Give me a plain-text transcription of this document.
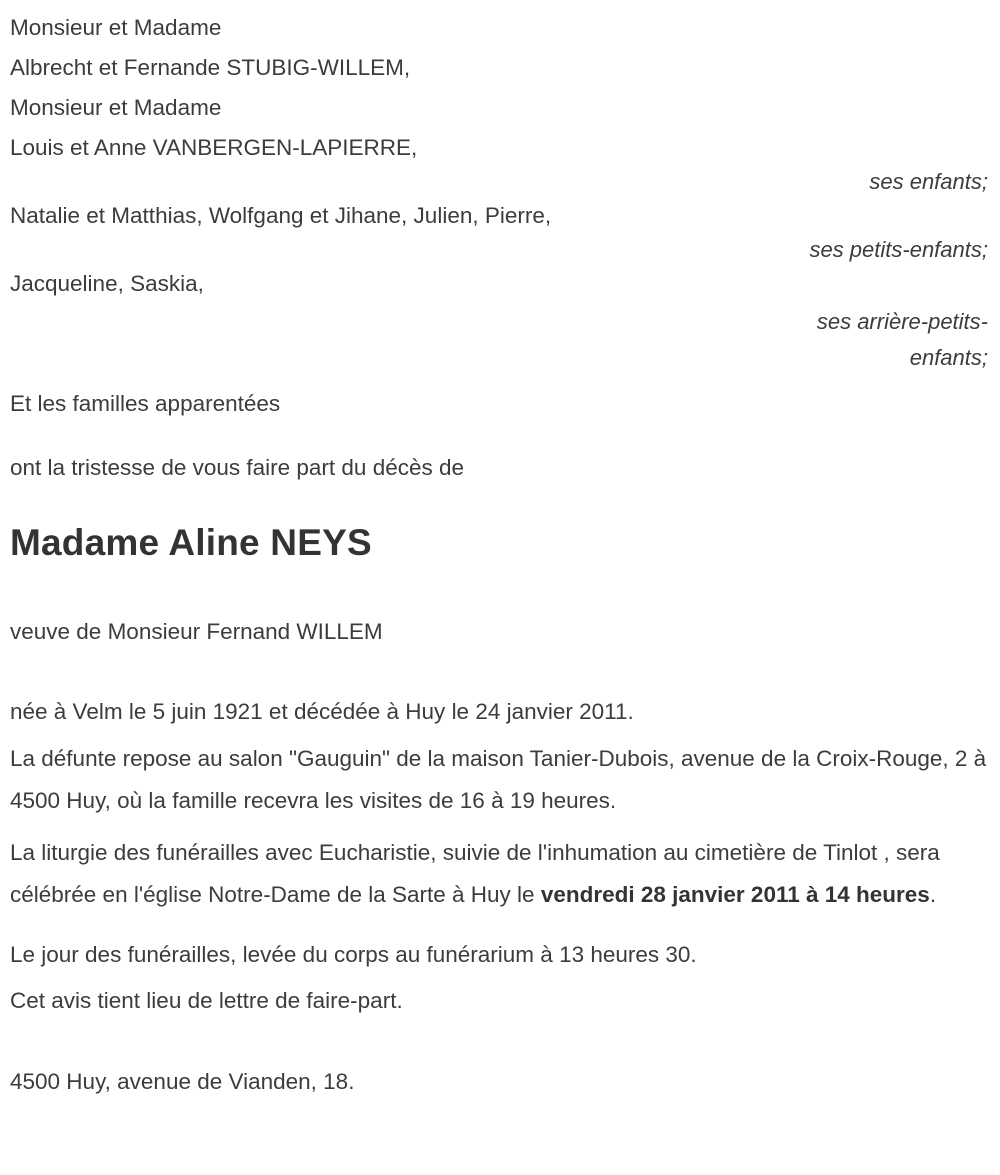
Monsieur et Madame
Albrecht et Fernande STUBIG-WILLEM,
Monsieur et Madame
Louis et Anne VANBERGEN-LAPIERRE,
ses enfants;
Natalie et Matthias, Wolfgang et Jihane, Julien, Pierre,
ses petits-enfants;
Jacqueline, Saskia,
ses arrière-petits-enfants;
Et les familles apparentées
ont la tristesse de vous faire part du décès de
Madame Aline NEYS
veuve de Monsieur Fernand WILLEM
née à Velm le 5 juin 1921 et décédée à Huy le 24 janvier 2011.

La défunte repose au salon "Gauguin" de la maison Tanier-Dubois, avenue de la Croix-Rouge, 2 à 4500 Huy, où la famille recevra les visites de 16 à 19 heures.

La liturgie des funérailles avec Eucharistie, suivie de l'inhumation au cimetière de Tinlot , sera célébrée en l'église Notre-Dame de la Sarte à Huy le vendredi 28 janvier 2011 à 14 heures.

Le jour des funérailles, levée du corps au funérarium à 13 heures 30.

Cet avis tient lieu de lettre de faire-part.

4500 Huy, avenue de Vianden, 18.
